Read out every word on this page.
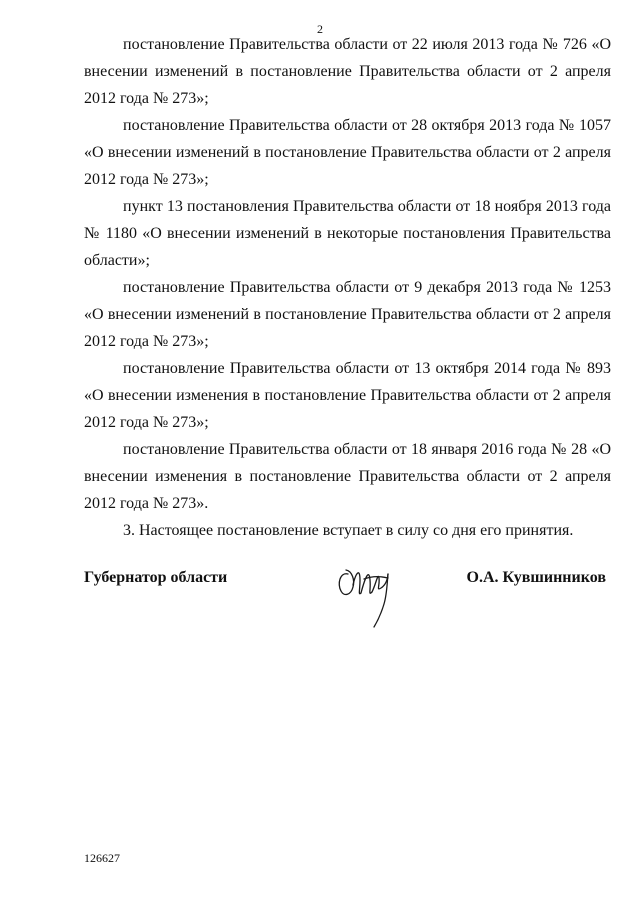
2

постановление Правительства области от 22 июля 2013 года № 726 «О внесении изменений в постановление Правительства области от 2 апреля 2012 года № 273»;

постановление Правительства области от 28 октября 2013 года № 1057 «О внесении изменений в постановление Правительства области от 2 апреля 2012 года № 273»;

пункт 13 постановления Правительства области от 18 ноября 2013 года № 1180 «О внесении изменений в некоторые постановления Правительства области»;

постановление Правительства области от 9 декабря 2013 года № 1253 «О внесении изменений в постановление Правительства области от 2 апреля 2012 года № 273»;

постановление Правительства области от 13 октября 2014 года № 893 «О внесении изменения в постановление Правительства области от 2 апреля 2012 года № 273»;

постановление Правительства области от 18 января 2016 года № 28 «О внесении изменения в постановление Правительства области от 2 апреля 2012 года № 273».

3. Настоящее постановление вступает в силу со дня его принятия.

Губернатор области	О.А. Кувшинников
126627
